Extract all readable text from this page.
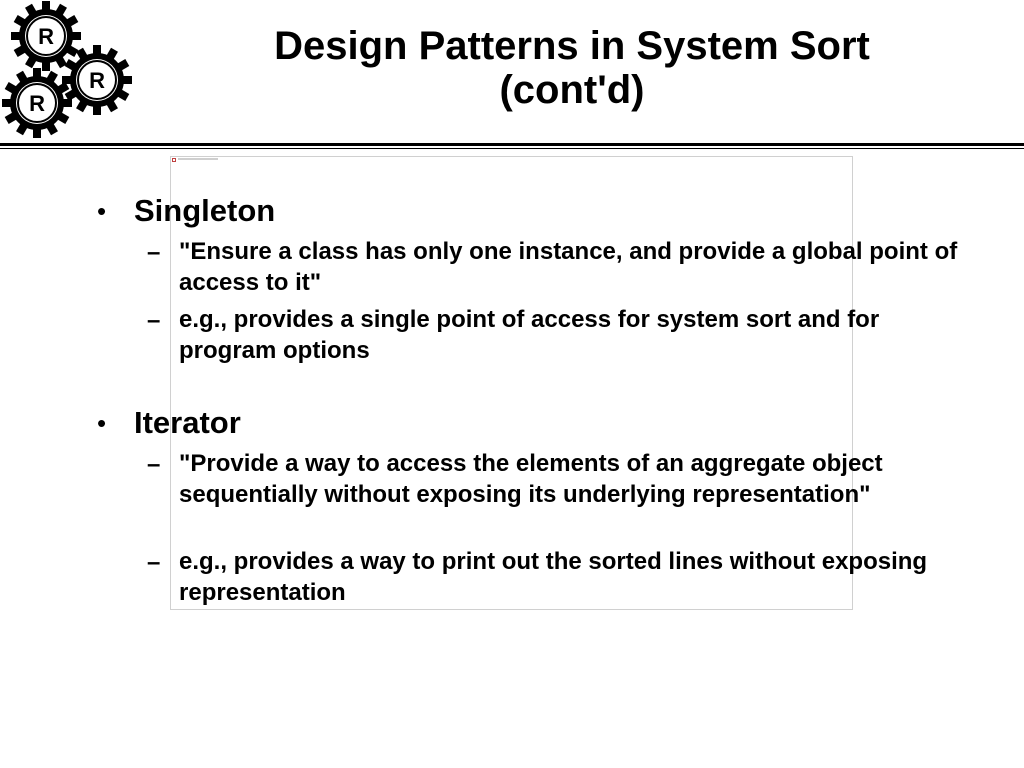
R
R
R
Design Patterns in System Sort
(cont'd)
• Singleton
– "Ensure a class has only one instance, and provide a global point of access to it"
– e.g., provides a single point of access for system sort and for program options
• Iterator
– "Provide a way to access the elements of an aggregate object sequentially without exposing its underlying representation"
– e.g., provides a way to print out the sorted lines without exposing representation
